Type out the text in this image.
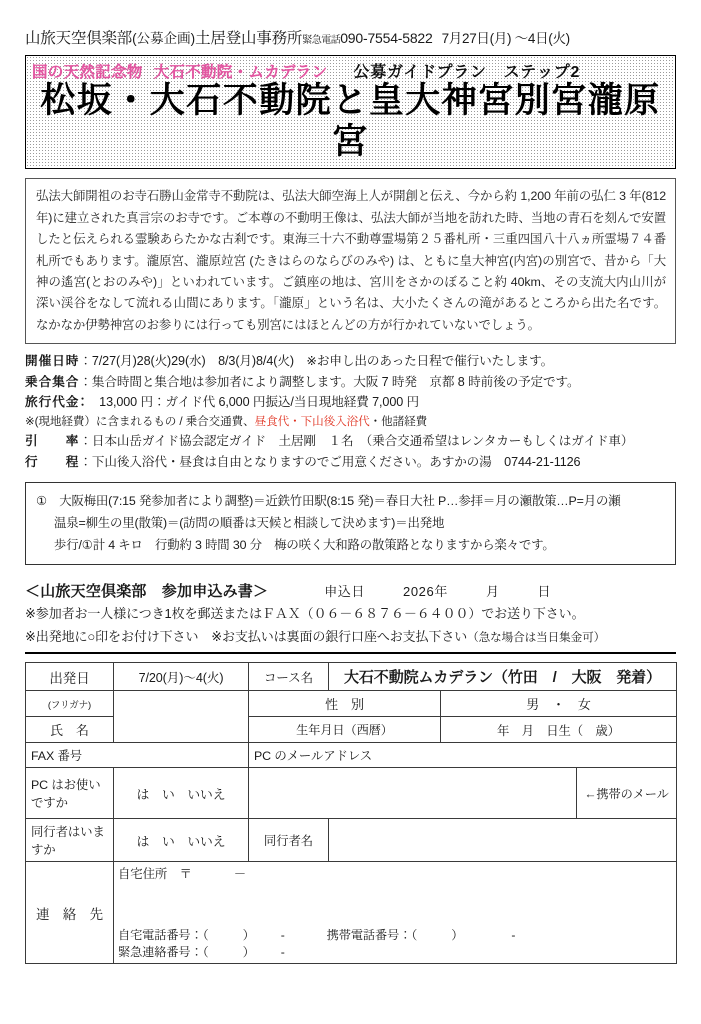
山旅天空倶楽部 (公募企画) 土居登山事務所 緊急電話 090-7554-5822 7月27日(月) ～4日(火)
国の天然記念物 大石不動院・ムカデラン 公募ガイドプラン　ステップ2
松坂・大石不動院と皇大神宮別宮瀧原宮
弘法大師開祖のお寺石勝山金常寺不動院は、弘法大師空海上人が開創と伝え、今から約 1,200 年前の弘仁 3 年(812 年)に建立された真言宗のお寺です。ご本尊の不動明王像は、弘法大師が当地を訪れた時、当地の青石を刻んで安置したと伝えられる霊験あらたかな古刹です。東海三十六不動尊霊場第２５番札所・三重四国八十八ヵ所霊場７４番札所でもあります。瀧原宮、瀧原竝宮 (たきはらのならびのみや) は、ともに皇大神宮(内宮)の別宮で、昔から「大神の遙宮(とおのみや)」といわれています。ご鎮座の地は、宮川をさかのぼること約 40km、その支流大内山川が深い渓谷をなして流れる山間にあります。「瀧原」という名は、大小たくさんの滝があるところから出た名です。なかなか伊勢神宮のお参りには行っても別宮にはほとんどの方が行かれていないでしょう。
開催日時：7/27(月)28(火)29(水)　8/3(月)8/4(火)　※お申し出のあった日程で催行いたします。
乗合集合：集合時間と集合地は参加者により調整します。大阪 7 時発　京都 8 時前後の予定です。
旅行代金：　13,000 円：ガイド代 6,000 円振込/当日現地経費 7,000 円
※(現地経費）に含まれるもの / 乗合交通費、昼食代・下山後入浴代・他諸経費
引　　率：日本山岳ガイド協会認定ガイド　土居剛　１名　（乗合交通希望はレンタカーもしくはガイド車）
行　　程：下山後入浴代・昼食は自由となりますのでご用意ください。あすかの湯　0744-21-1126
①　大阪梅田(7:15 発参加者により調整)＝近鉄竹田駅(8:15 発)＝春日大社 P…参拝＝月の瀬散策…P=月の瀬
温泉=柳生の里(散策)＝(訪問の順番は天候と相談して決めます)＝出発地
歩行/①計 4 キロ　行動約 3 時間 30 分　梅の咲く大和路の散策路となりますから楽々です。
＜山旅天空倶楽部　参加申込み書＞	申込日	2026年	月	日
※参加者お一人様につき1枚を郵送またはＦＡＸ（０６－６８７６－６４００）でお送り下さい。
※出発地に○印をお付け下さい　※お支払いは裏面の銀行口座へお支払下さい（急な場合は当日集金可）
出発日	7/20(月)～4(火)	コース名	大石不動院ムカデラン（竹田　/　大阪　発着）		
(フリガナ)		性　別		男　・　女	
氏　名		生年月日（西暦）		年　月　日生（　歳）	
FAX 番号		PC のメールアドレス			
PC はお使いですか	は　い　いいえ				←携帯のメール
同行者はいますか	は　い　いいえ	同行者名			
連　絡　先	自宅住所　〒 －
自宅電話番号：（ ） - 携帯電話番号：（ ） -
緊急連絡番号：（ ） -				
